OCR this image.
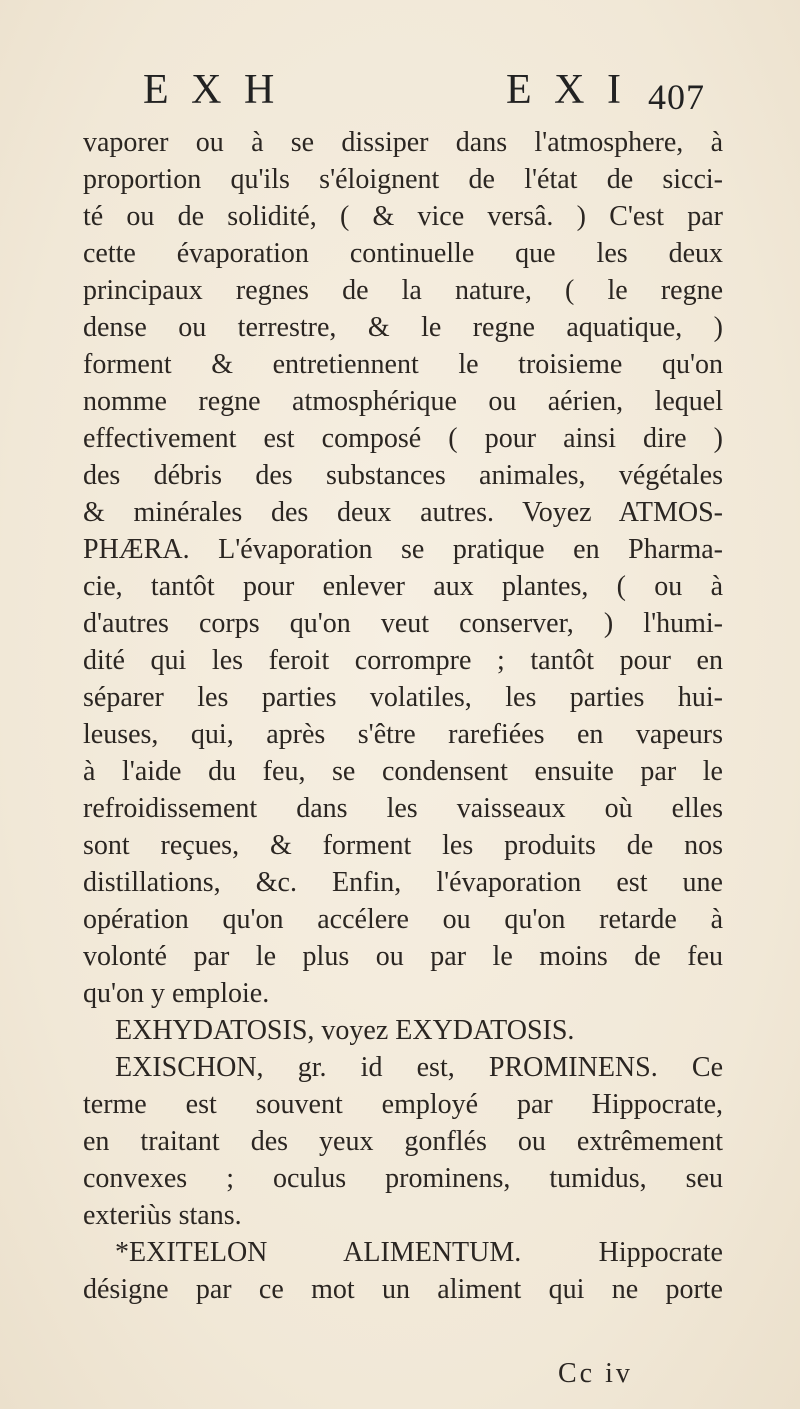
E X H	E X I 407
vaporer ou à se dissiper dans l'atmosphere, à
proportion qu'ils s'éloignent de l'état de sicci-
té ou de solidité, ( & vice versâ. ) C'est par
cette évaporation continuelle que les deux
principaux regnes de la nature, ( le regne
dense ou terrestre, & le regne aquatique, )
forment & entretiennent le troisieme qu'on
nomme regne atmosphérique ou aérien, lequel
effectivement est composé ( pour ainsi dire )
des débris des substances animales, végétales
& minérales des deux autres. Voyez ATMOS-
PHÆRA. L'évaporation se pratique en Pharma-
cie, tantôt pour enlever aux plantes, ( ou à
d'autres corps qu'on veut conserver, ) l'humi-
dité qui les feroit corrompre ; tantôt pour en
séparer les parties volatiles, les parties hui-
leuses, qui, après s'être rarefiées en vapeurs
à l'aide du feu, se condensent ensuite par le
refroidissement dans les vaisseaux où elles
sont reçues, & forment les produits de nos
distillations, &c. Enfin, l'évaporation est une
opération qu'on accélere ou qu'on retarde à
volonté par le plus ou par le moins de feu
qu'on y emploie.
EXHYDATOSIS, voyez EXYDATOSIS.
EXISCHON, gr. id est, PROMINENS. Ce
terme est souvent employé par Hippocrate,
en traitant des yeux gonflés ou extrêmement
convexes ; oculus prominens, tumidus, seu
exteriùs stans.
*EXITELON ALIMENTUM. Hippocrate
désigne par ce mot un aliment qui ne porte
Cc iv
